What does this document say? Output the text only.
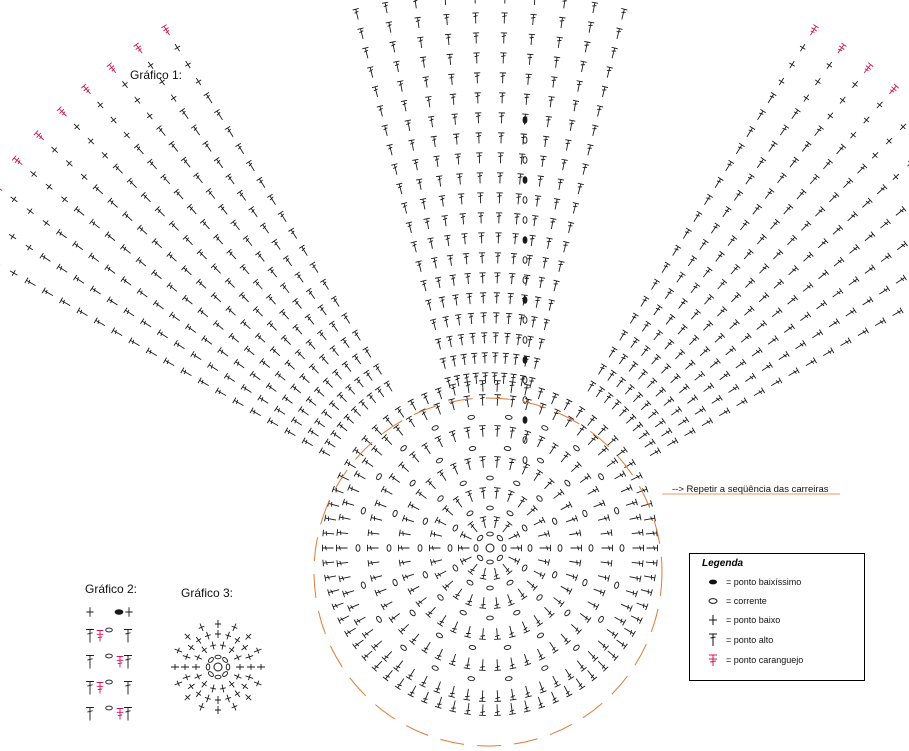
Gráfico 1:
Gráfico 2:	Gráfico 3:
--> Repetir a seqüência das carreiras
Legenda
= ponto baixíssimo
= corrente
= ponto baixo
= ponto alto
= ponto caranguejo
